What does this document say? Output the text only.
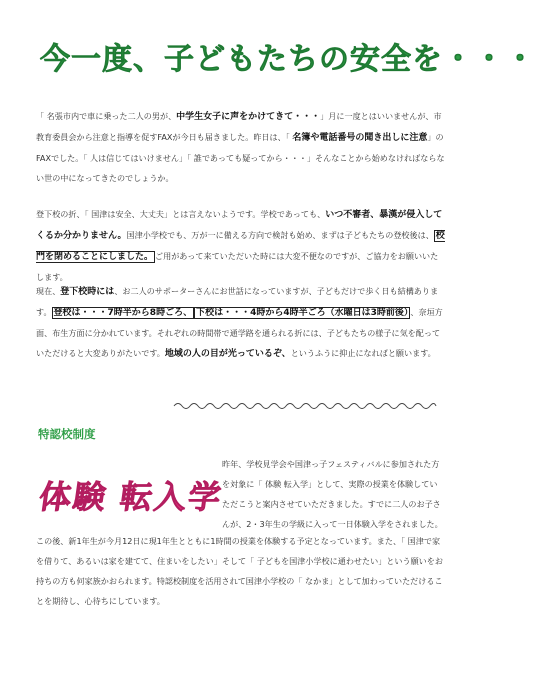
今一度、子どもたちの安全を・・・
「 名張市内で車に乗った二人の男が、中学生女子に声をかけてきて・・・」月に一度とはいいませんが、市教育委員会から注意と指導を促すFAXが今日も届きました。昨日は、「 名簿や電話番号の聞き出しに注意」のFAXでした。「 人は信じてはいけません」「 誰であっても疑ってから・・・」そんなことから始めなければならない世の中になってきたのでしょうか。
登下校の折、「 国津は安全、大丈夫」とは言えないようです。学校であっても、いつ不審者、暴漢が侵入してくるか分かりません。国津小学校でも、万が一に備える方向で検討も始め、まずは子どもたちの登校後は、 校門を閉めることにしました。 ご用があって来ていただいた時には大変不便なのですが、ご協力をお願いいたします。
現在、登下校時には、お二人のサポーターさんにお世話になっていますが、子どもだけで歩く日も結構あります。 登校は・・・7時半から8時ごろ、 下校は・・・4時から4時半ごろ（水曜日は3時前後） 、奈垣方面、布生方面に分かれています。それぞれの時間帯で通学路を通られる折には、子どもたちの様子に気を配っていただけると大変ありがたいです。地域の人の目が光っているぞ、というふうに抑止になればと願います。
特認校制度
体験 転入学
昨年、学校見学会や国津っ子フェスティバルに参加された方を対象に「 体験 転入学」として、実際の授業を体験していただこうと案内させていただきました。すでに二人のお子さんが、2・3年生の学級に入って一日体験入学をされました。
この後、新1年生が今月12日に現1年生とともに1時間の授業を体験する予定となっています。また、「 国津で家を借りて、あるいは家を建てて、住まいをしたい」そして「 子どもを国津小学校に通わせたい」という願いをお持ちの方も何家族かおられます。特認校制度を活用されて国津小学校の「 なかま」として加わっていただけることを期待し、心待ちにしています。
